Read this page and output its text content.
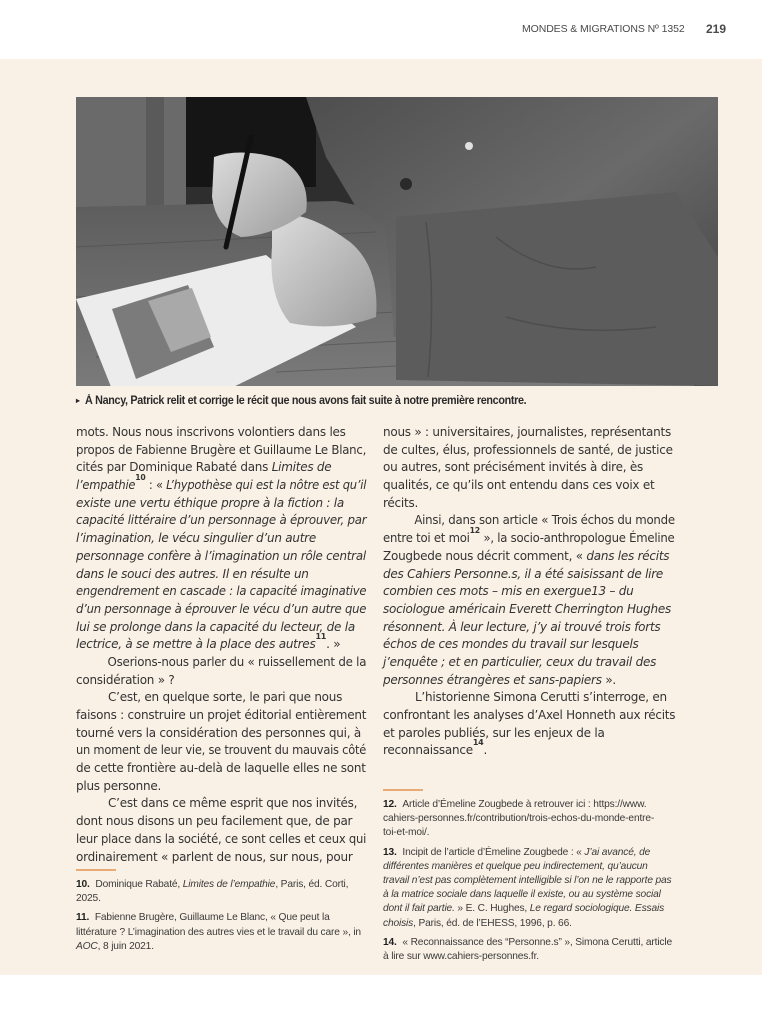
MONDES & MIGRATIONS Nº 1352 219
▸ À Nancy, Patrick relit et corrige le récit que nous avons fait suite à notre première rencontre.
mots. Nous nous inscrivons volontiers dans les
propos de Fabienne Brugère et Guillaume Le Blanc,
cités par Dominique Rabaté dans Limites de
l’empathie$^{10}$ : « L’hypothèse qui est la nôtre est qu’il
existe une vertu éthique propre à la fiction : la
capacité littéraire d’un personnage à éprouver, par
l’imagination, le vécu singulier d’un autre
personnage confère à l’imagination un rôle central
dans le souci des autres. Il en résulte un
engendrement en cascade : la capacité imaginative
d’un personnage à éprouver le vécu d’un autre que
lui se prolonge dans la capacité du lecteur, de la
lectrice, à se mettre à la place des autres$^{11}$. »
Oserions-nous parler du « ruissellement de la
considération » ?
C’est, en quelque sorte, le pari que nous
faisons : construire un projet éditorial entièrement
tourné vers la considération des personnes qui, à
un moment de leur vie, se trouvent du mauvais côté
de cette frontière au-delà de laquelle elles ne sont
plus personne.
C’est dans ce même esprit que nos invités,
dont nous disons un peu facilement que, de par
leur place dans la société, ce sont celles et ceux qui
ordinairement « parlent de nous, sur nous, pour
nous » : universitaires, journalistes, représentants
de cultes, élus, professionnels de santé, de justice
ou autres, sont précisément invités à dire, ès
qualités, ce qu’ils ont entendu dans ces voix et
récits.
Ainsi, dans son article « Trois échos du monde
entre toi et moi$^{12}$ », la socio-anthropologue Émeline
Zougbede nous décrit comment, « dans les récits
des Cahiers Personne.s, il a été saisissant de lire
combien ces mots – mis en exergue13 – du
sociologue américain Everett Cherrington Hughes
résonnent. À leur lecture, j’y ai trouvé trois forts
échos de ces mondes du travail sur lesquels
j’enquête ; et en particulier, ceux du travail des
personnes étrangères et sans-papiers ».
L’historienne Simona Cerutti s’interroge, en
confrontant les analyses d’Axel Honneth aux récits
et paroles publiés, sur les enjeux de la
reconnaissance$^{14}$.
10. Dominique Rabaté, Limites de l’empathie, Paris, éd. Corti,
2025.
11. Fabienne Brugère, Guillaume Le Blanc, « Que peut la
littérature ? L’imagination des autres vies et le travail du care », in
AOC, 8 juin 2021.
12. Article d’Émeline Zougbede à retrouver ici : https://www.
cahiers-personnes.fr/contribution/trois-echos-du-monde-entre-
toi-et-moi/.
13. Incipit de l’article d’Émeline Zougbede : « J’ai avancé, de
différentes manières et quelque peu indirectement, qu’aucun
travail n’est pas complètement intelligible si l’on ne le rapporte pas
à la matrice sociale dans laquelle il existe, ou au système social
dont il fait partie. » E. C. Hughes, Le regard sociologique. Essais
choisis, Paris, éd. de l’EHESS, 1996, p. 66.
14. « Reconnaissance des “Personne.s” », Simona Cerutti, article
à lire sur www.cahiers-personnes.fr.
